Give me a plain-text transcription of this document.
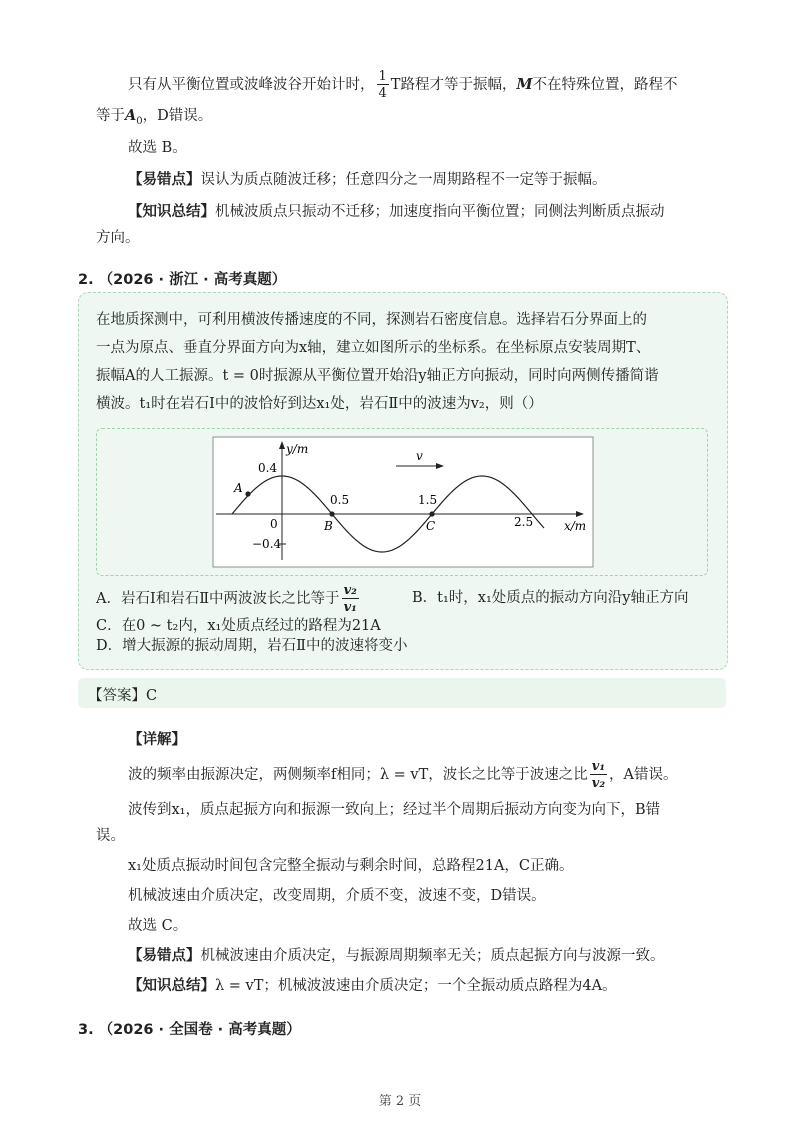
只有从平衡位置或波峰波谷开始计时， $\frac{1}{4}$ T路程才等于振幅，M不在特殊位置，路程不
等于$A_0$，D错误。
故选 B。
【易错点】误认为质点随波迁移；任意四分之一周期路程不一定等于振幅。
【知识总结】机械波质点只振动不迁移；加速度指向平衡位置；同侧法判断质点振动
方向。
2. （2026 · 浙江 · 高考真题）
在地质探测中，可利用横波传播速度的不同，探测岩石密度信息。选择岩石分界面上的
一点为原点、垂直分界面方向为x轴，建立如图所示的坐标系。在坐标原点安装周期T、
振幅A的人工振源。t = 0时振源从平衡位置开始沿y轴正方向振动，同时向两侧传播简谐
横波。t₁时在岩石Ⅰ中的波恰好到达x₁处，岩石Ⅱ中的波速为v₂，则（）
y/m
x/m
0.4
−0.4
0
0.5	1.5
2.5
A
B	C
v
A．岩石Ⅰ和岩石Ⅱ中两波波长之比等于 $\frac{\text{v₂}}{\text{v₁}}$	B．t₁时，x₁处质点的振动方向沿y轴正方向
C．在0 ~ t₂内，x₁处质点经过的路程为21A
D．增大振源的振动周期，岩石Ⅱ中的波速将变小
【答案】C
【详解】
波的频率由振源决定，两侧频率f相同；λ = vT，波长之比等于波速之比 $\frac{\text{v₁}}{\text{v₂}}$ ，A错误。
波传到x₁，质点起振方向和振源一致向上；经过半个周期后振动方向变为向下，B错
误。
x₁处质点振动时间包含完整全振动与剩余时间，总路程21A，C正确。
机械波速由介质决定，改变周期，介质不变，波速不变，D错误。
故选 C。
【易错点】机械波速由介质决定，与振源周期频率无关；质点起振方向与波源一致。
【知识总结】λ = vT；机械波波速由介质决定；一个全振动质点路程为4A。
3. （2026 · 全国卷 · 高考真题）
第 2 页
